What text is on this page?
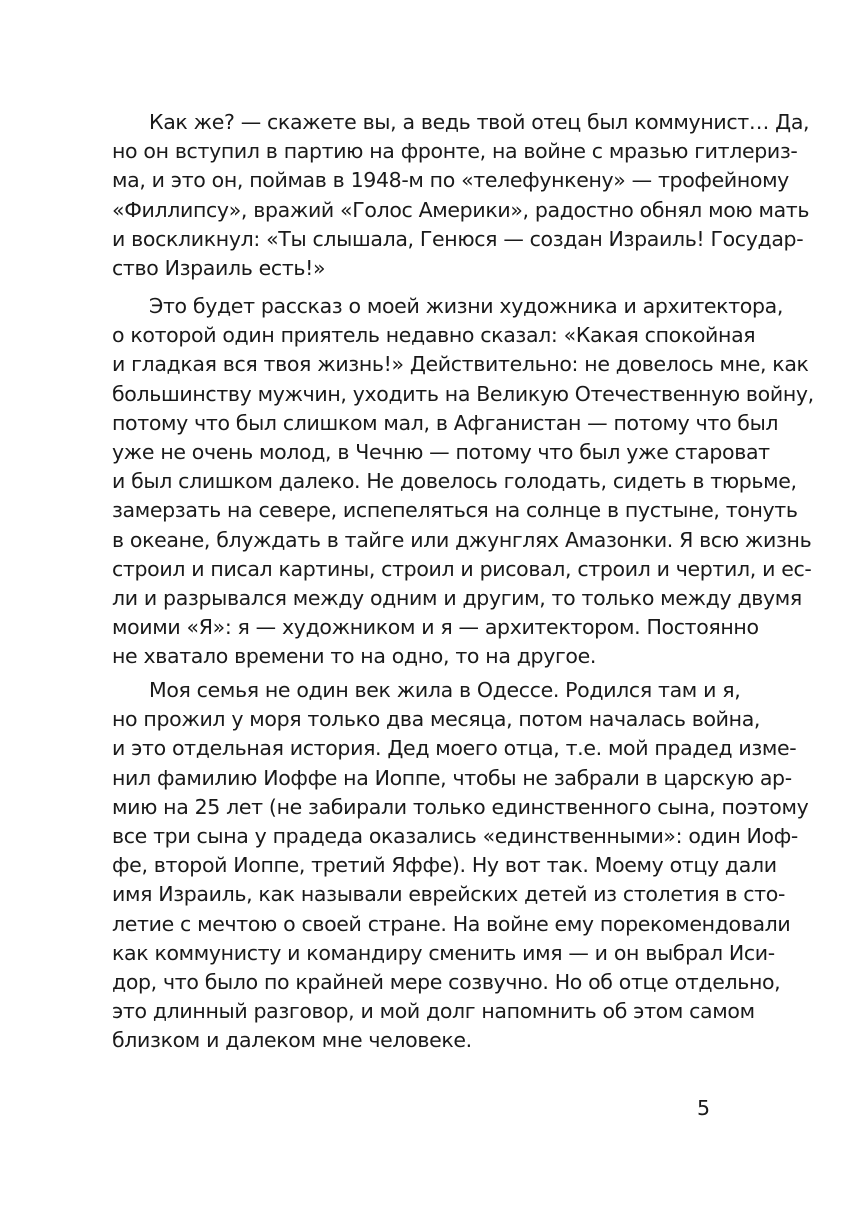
Как же? — скажете вы, а ведь твой отец был коммунист… Да,
но он вступил в партию на фронте, на войне с мразью гитлериз-
ма, и это он, поймав в 1948-м по «телефункену» — трофейному
«Филлипсу», вражий «Голос Америки», радостно обнял мою мать
и воскликнул: «Ты слышала, Генюся — создан Израиль! Государ-
ство Израиль есть!»
Это будет рассказ о моей жизни художника и архитектора,
о которой один приятель недавно сказал: «Какая спокойная
и гладкая вся твоя жизнь!» Действительно: не довелось мне, как
большинству мужчин, уходить на Великую Отечественную войну,
потому что был слишком мал, в Афганистан — потому что был
уже не очень молод, в Чечню — потому что был уже староват
и был слишком далеко. Не довелось голодать, сидеть в тюрьме,
замерзать на севере, испепеляться на солнце в пустыне, тонуть
в океане, блуждать в тайге или джунглях Амазонки. Я всю жизнь
строил и писал картины, строил и рисовал, строил и чертил, и ес-
ли и разрывался между одним и другим, то только между двумя
моими «Я»: я — художником и я — архитектором. Постоянно
не хватало времени то на одно, то на другое.
Моя семья не один век жила в Одессе. Родился там и я,
но прожил у моря только два месяца, потом началась война,
и это отдельная история. Дед моего отца, т.е. мой прадед изме-
нил фамилию Иоффе на Иоппе, чтобы не забрали в царскую ар-
мию на 25 лет (не забирали только единственного сына, поэтому
все три сына у прадеда оказались «единственными»: один Иоф-
фе, второй Иоппе, третий Яффе). Ну вот так. Моему отцу дали
имя Израиль, как называли еврейских детей из столетия в сто-
летие с мечтою о своей стране. На войне ему порекомендовали
как коммунисту и командиру сменить имя — и он выбрал Иси-
дор, что было по крайней мере созвучно. Но об отце отдельно,
это длинный разговор, и мой долг напомнить об этом самом
близком и далеком мне человеке.
5
